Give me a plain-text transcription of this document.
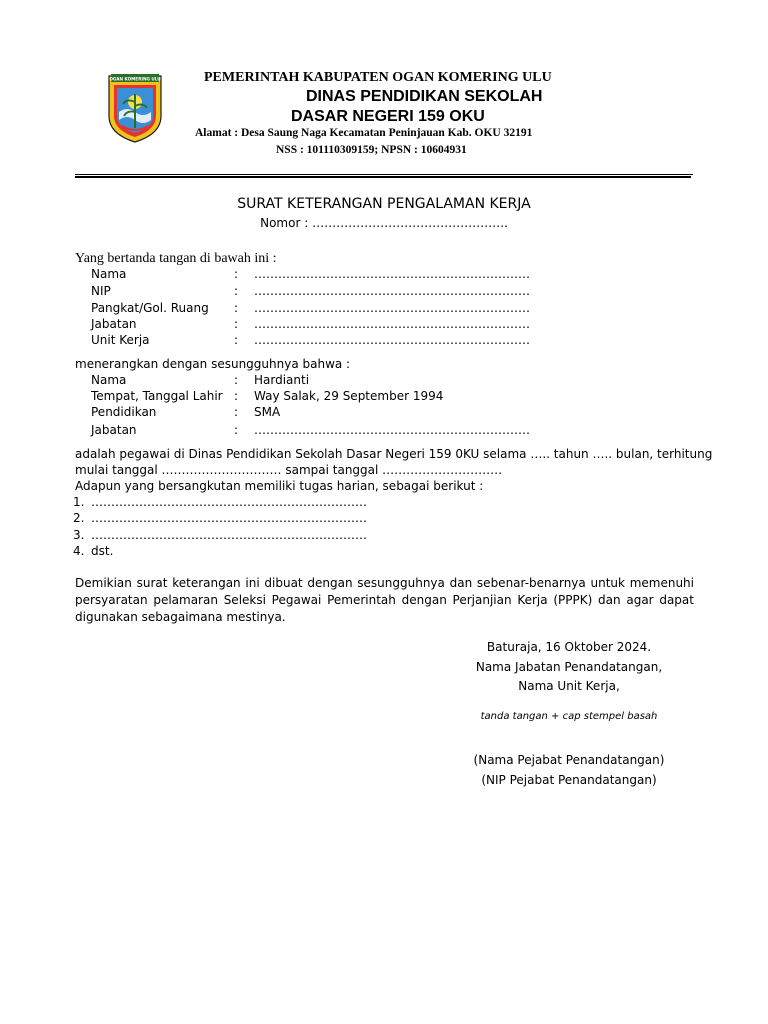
OGAN KOMERING ULU	PEMERINTAH KABUPATEN OGAN KOMERING ULU
DINAS PENDIDIKAN SEKOLAH
DASAR NEGERI 159 OKU
Alamat : Desa Saung Naga Kecamatan Peninjauan Kab. OKU 32191
NSS : 101110309159; NPSN : 10604931
SURAT KETERANGAN PENGALAMAN KERJA
Nomor : ………………………………………….
Yang bertanda tangan di bawah ini :
Nama	: ……………………………………………………………
NIP	: ……………………………………………………………
Pangkat/Gol. Ruang : ……………………………………………………………
Jabatan	: ……………………………………………………………
Unit Kerja	: ……………………………………………………………
menerangkan dengan sesungguhnya bahwa :
Nama	: Hardianti
Tempat, Tanggal Lahir : Way Salak, 29 September 1994
Pendidikan	: SMA
Jabatan	: ……………………………………………………………
adalah pegawai di Dinas Pendidikan Sekolah Dasar Negeri 159 0KU selama ….. tahun ….. bulan, terhitung
mulai tanggal ………………………… sampai tanggal …………………………
Adapun yang bersangkutan memiliki tugas harian, sebagai berikut :
1. ……………………………………………………………
2. ……………………………………………………………
3. ……………………………………………………………
4. dst.
Demikian surat keterangan ini dibuat dengan sesungguhnya dan sebenar-benarnya untuk memenuhi
persyaratan pelamaran Seleksi Pegawai Pemerintah dengan Perjanjian Kerja (PPPK) dan agar dapat
digunakan sebagaimana mestinya.
Baturaja, 16 Oktober 2024.
Nama Jabatan Penandatangan,
Nama Unit Kerja,
tanda tangan + cap stempel basah
(Nama Pejabat Penandatangan)
(NIP Pejabat Penandatangan)
